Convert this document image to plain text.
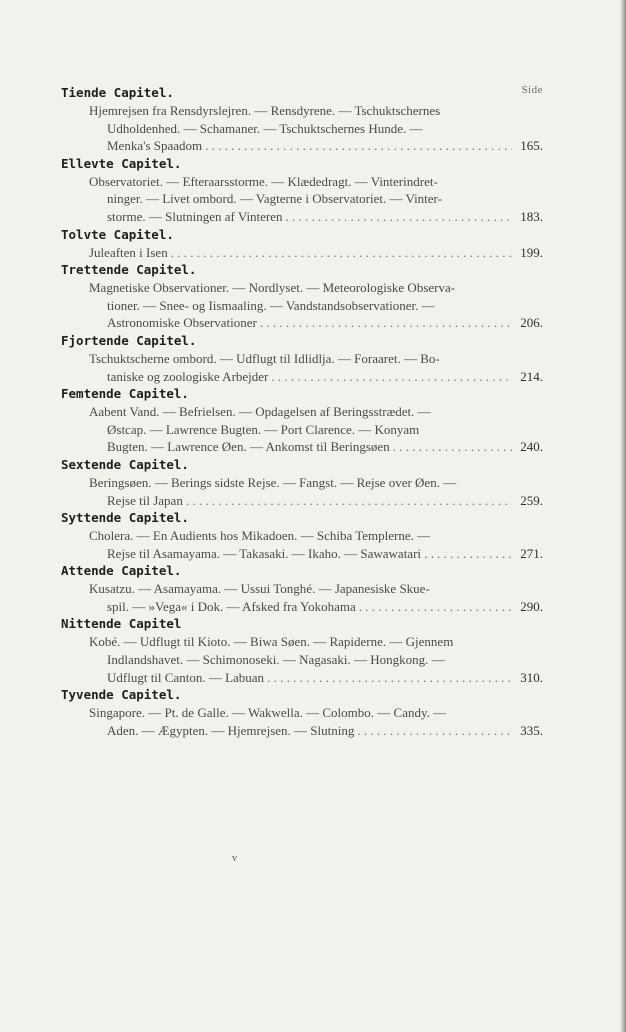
Side
Tiende Capitel.
Hjemrejsen fra Rensdyrslejren. — Rensdyrene. — Tschuktschernes
Udholdenhed. — Schamaner. — Tschuktschernes Hunde. —
Menka's Spaadom . . .	165.
Ellevte Capitel.
Observatoriet. — Efteraarsstorme. — Klædedragt. — Vinterindret-
ninger. — Livet ombord. — Vagterne i Observatoriet. — Vinter-
storme. — Slutningen af Vinteren . . .	183.
Tolvte Capitel.
Juleaften i Isen . . .	199.
Trettende Capitel.
Magnetiske Observationer. — Nordlyset. — Meteorologiske Observa-
tioner. — Snee- og Iismaaling. — Vandstandsobservationer. —
Astronomiske Observationer . . .	206.
Fjortende Capitel.
Tschuktscherne ombord. — Udflugt til Idlidlja. — Foraaret. — Bo-
taniske og zoologiske Arbejder . . .	214.
Femtende Capitel.
Aabent Vand. — Befrielsen. — Opdagelsen af Beringsstrædet. —
Østcap. — Lawrence Bugten. — Port Clarence. — Konyam
Bugten. — Lawrence Øen. — Ankomst til Beringsøen . . .	240.
Sextende Capitel.
Beringsøen. — Berings sidste Rejse. — Fangst. — Rejse over Øen. —
Rejse til Japan . . .	259.
Syttende Capitel.
Cholera. — En Audients hos Mikadoen. — Schiba Templerne. —
Rejse til Asamayama. — Takasaki. — Ikaho. — Sawawatari . . . . .	271.
Attende Capitel.
Kusatzu. — Asamayama. — Ussui Tonghé. — Japanesiske Skue-
spil. — »Vega« i Dok. — Afsked fra Yokohama . . .	290.
Nittende Capitel
Kobé. — Udflugt til Kioto. — Biwa Søen. — Rapiderne. — Gjennem
Indlandshavet. — Schimonoseki. — Nagasaki. — Hongkong. —
Udflugt til Canton. — Labuan . . .	310.
Tyvende Capitel.
Singapore. — Pt. de Galle. — Wakwella. — Colombo. — Candy. —
Aden. — Ægypten. — Hjemrejsen. — Slutning . . .	335.
v
